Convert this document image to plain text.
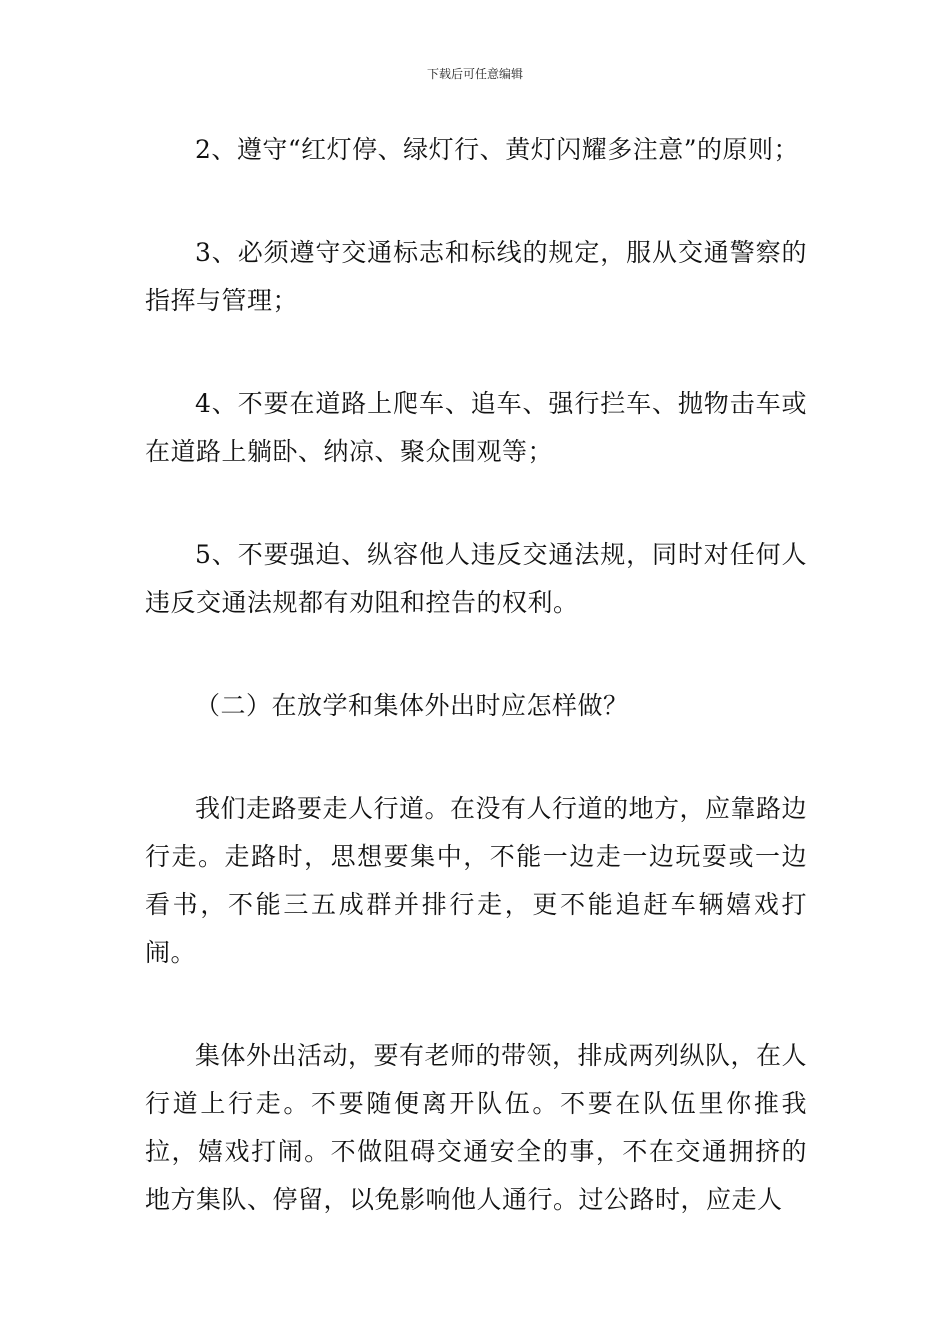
下载后可任意编辑

2、遵守“红灯停、绿灯行、黄灯闪耀多注意”的原则；

3、必须遵守交通标志和标线的规定，服从交通警察的指挥与管理；

4、不要在道路上爬车、追车、强行拦车、抛物击车或在道路上躺卧、纳凉、聚众围观等；

5、不要强迫、纵容他人违反交通法规，同时对任何人违反交通法规都有劝阻和控告的权利。

（二）在放学和集体外出时应怎样做？

我们走路要走人行道。在没有人行道的地方，应靠路边行走。走路时，思想要集中，不能一边走一边玩耍或一边看书，不能三五成群并排行走，更不能追赶车辆嬉戏打闹。

集体外出活动，要有老师的带领，排成两列纵队，在人行道上行走。不要随便离开队伍。不要在队伍里你推我拉，嬉戏打闹。不做阻碍交通安全的事，不在交通拥挤的地方集队、停留，以免影响他人通行。过公路时，应走人
